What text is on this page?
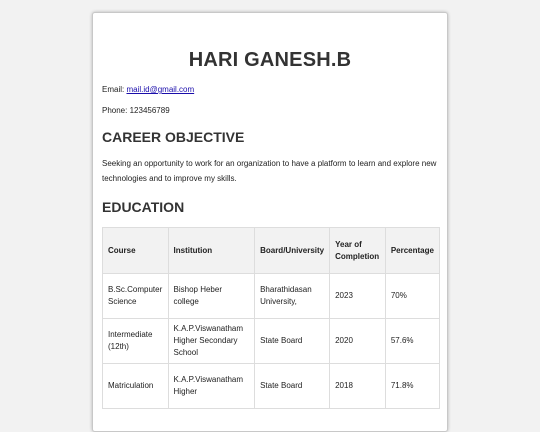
HARI GANESH.B

Email: mail.id@gmail.com

Phone: 123456789

CAREER OBJECTIVE

Seeking an opportunity to work for an organization to have a platform to learn and explore new technologies and to improve my skills.

EDUCATION
Course	Institution	Board/University	Year of Completion	Percentage
B.Sc.Computer Science	Bishop Heber college	Bharathidasan University,	2023	70%
Intermediate (12th)	K.A.P.Viswanatham Higher Secondary School	State Board	2020	57.6%
Matriculation	K.A.P.Viswanatham Higher	State Board	2018	71.8%
